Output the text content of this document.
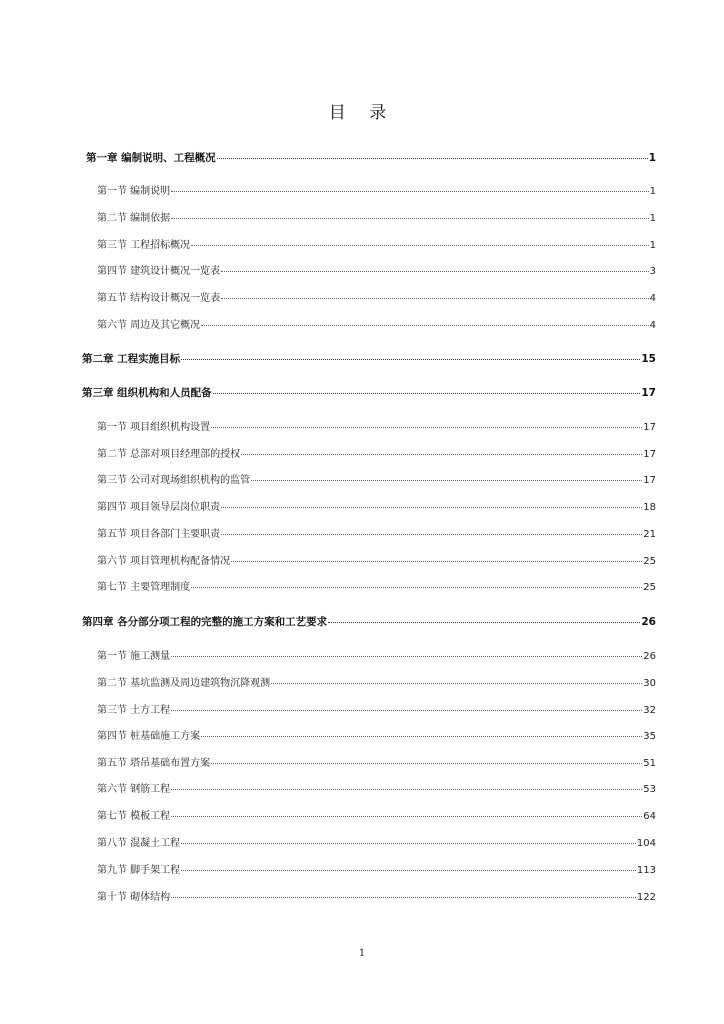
目 录
第一章 编制说明、工程概况	1
第一节 编制说明	1
第二节 编制依据	1
第三节 工程招标概况	1
第四节 建筑设计概况一览表	3
第五节 结构设计概况一览表	4
第六节 周边及其它概况	4
第二章 工程实施目标	15
第三章 组织机构和人员配备	17
第一节 项目组织机构设置	17
第二节 总部对项目经理部的授权	17
第三节 公司对现场组织机构的监管	17
第四节 项目领导层岗位职责	18
第五节 项目各部门主要职责	21
第六节 项目管理机构配备情况	25
第七节 主要管理制度	25
第四章 各分部分项工程的完整的施工方案和工艺要求	26
第一节 施工测量	26
第二节 基坑监测及周边建筑物沉降观测	30
第三节 土方工程	32
第四节 桩基础施工方案	35
第五节 塔吊基础布置方案	51
第六节 钢筋工程	53
第七节 模板工程	64
第八节 混凝土工程	104
第九节 脚手架工程	113
第十节 砌体结构	122
1
